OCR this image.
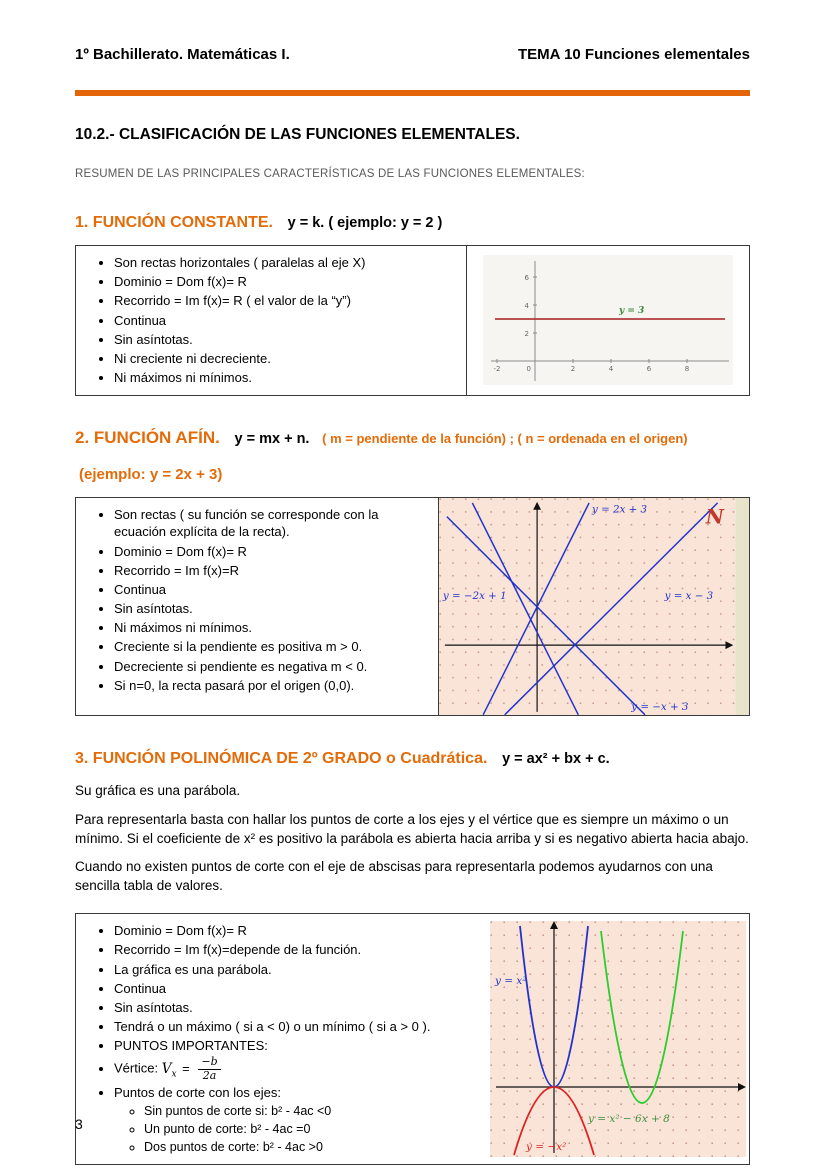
1º Bachillerato. Matemáticas I.	TEMA 10 Funciones elementales
10.2.- CLASIFICACIÓN DE LAS FUNCIONES ELEMENTALES.

RESUMEN DE LAS PRINCIPALES CARACTERÍSTICAS DE LAS FUNCIONES ELEMENTALES:

1. FUNCIÓN CONSTANTE. y = k. ( ejemplo: y = 2 )
• Son rectas horizontales ( paralelas al eje X)
• Dominio = Dom f(x)= R
• Recorrido = Im f(x)= R ( el valor de la “y”)
• Continua
• Sin asíntotas.
• Ni creciente ni decreciente.
• Ni máximos ni mínimos.
2
4
6
0
-2	2	4	6	8
y = 3
2. FUNCIÓN AFÍN. y = mx + n. ( m = pendiente de la función) ; ( n = ordenada en el origen) (ejemplo: y = 2x + 3)
• Son rectas ( su función se corresponde con la ecuación explícita de la recta).
• Dominio = Dom f(x)= R
• Recorrido = Im f(x)=R
• Continua
• Sin asíntotas.
• Ni máximos ni mínimos.
• Creciente si la pendiente es positiva m > 0.
• Decreciente si pendiente es negativa m < 0.
• Si n=0, la recta pasará por el origen (0,0).
y = 2x + 3
y = −2x + 1	y = x − 3
y = −x + 3
N
3. FUNCIÓN POLINÓMICA DE 2º GRADO o Cuadrática. y = ax² + bx + c.

Su gráfica es una parábola.

Para representarla basta con hallar los puntos de corte a los ejes y el vértice que es siempre un máximo o un mínimo. Si el coeficiente de x² es positivo la parábola es abierta hacia arriba y si es negativo abierta hacia abajo.

Cuando no existen puntos de corte con el eje de abscisas para representarla podemos ayudarnos con una sencilla tabla de valores.

• Dominio = Dom f(x)= R
• Recorrido = Im f(x)=depende de la función.
• La gráfica es una parábola.
• Continua
• Sin asíntotas.
• Tendrá o un máximo ( si a < 0) o un mínimo ( si a > 0 ).
• PUNTOS IMPORTANTES:
• Vértice: $V_x = \frac{-b}{2a}$
• Puntos de corte con los ejes:
◦ Sin puntos de corte si: b² - 4ac <0
◦ Un punto de corte: b² - 4ac =0
◦ Dos puntos de corte: b² - 4ac >0
y = x²
y = −x²
y = x² − 6x + 8
3
